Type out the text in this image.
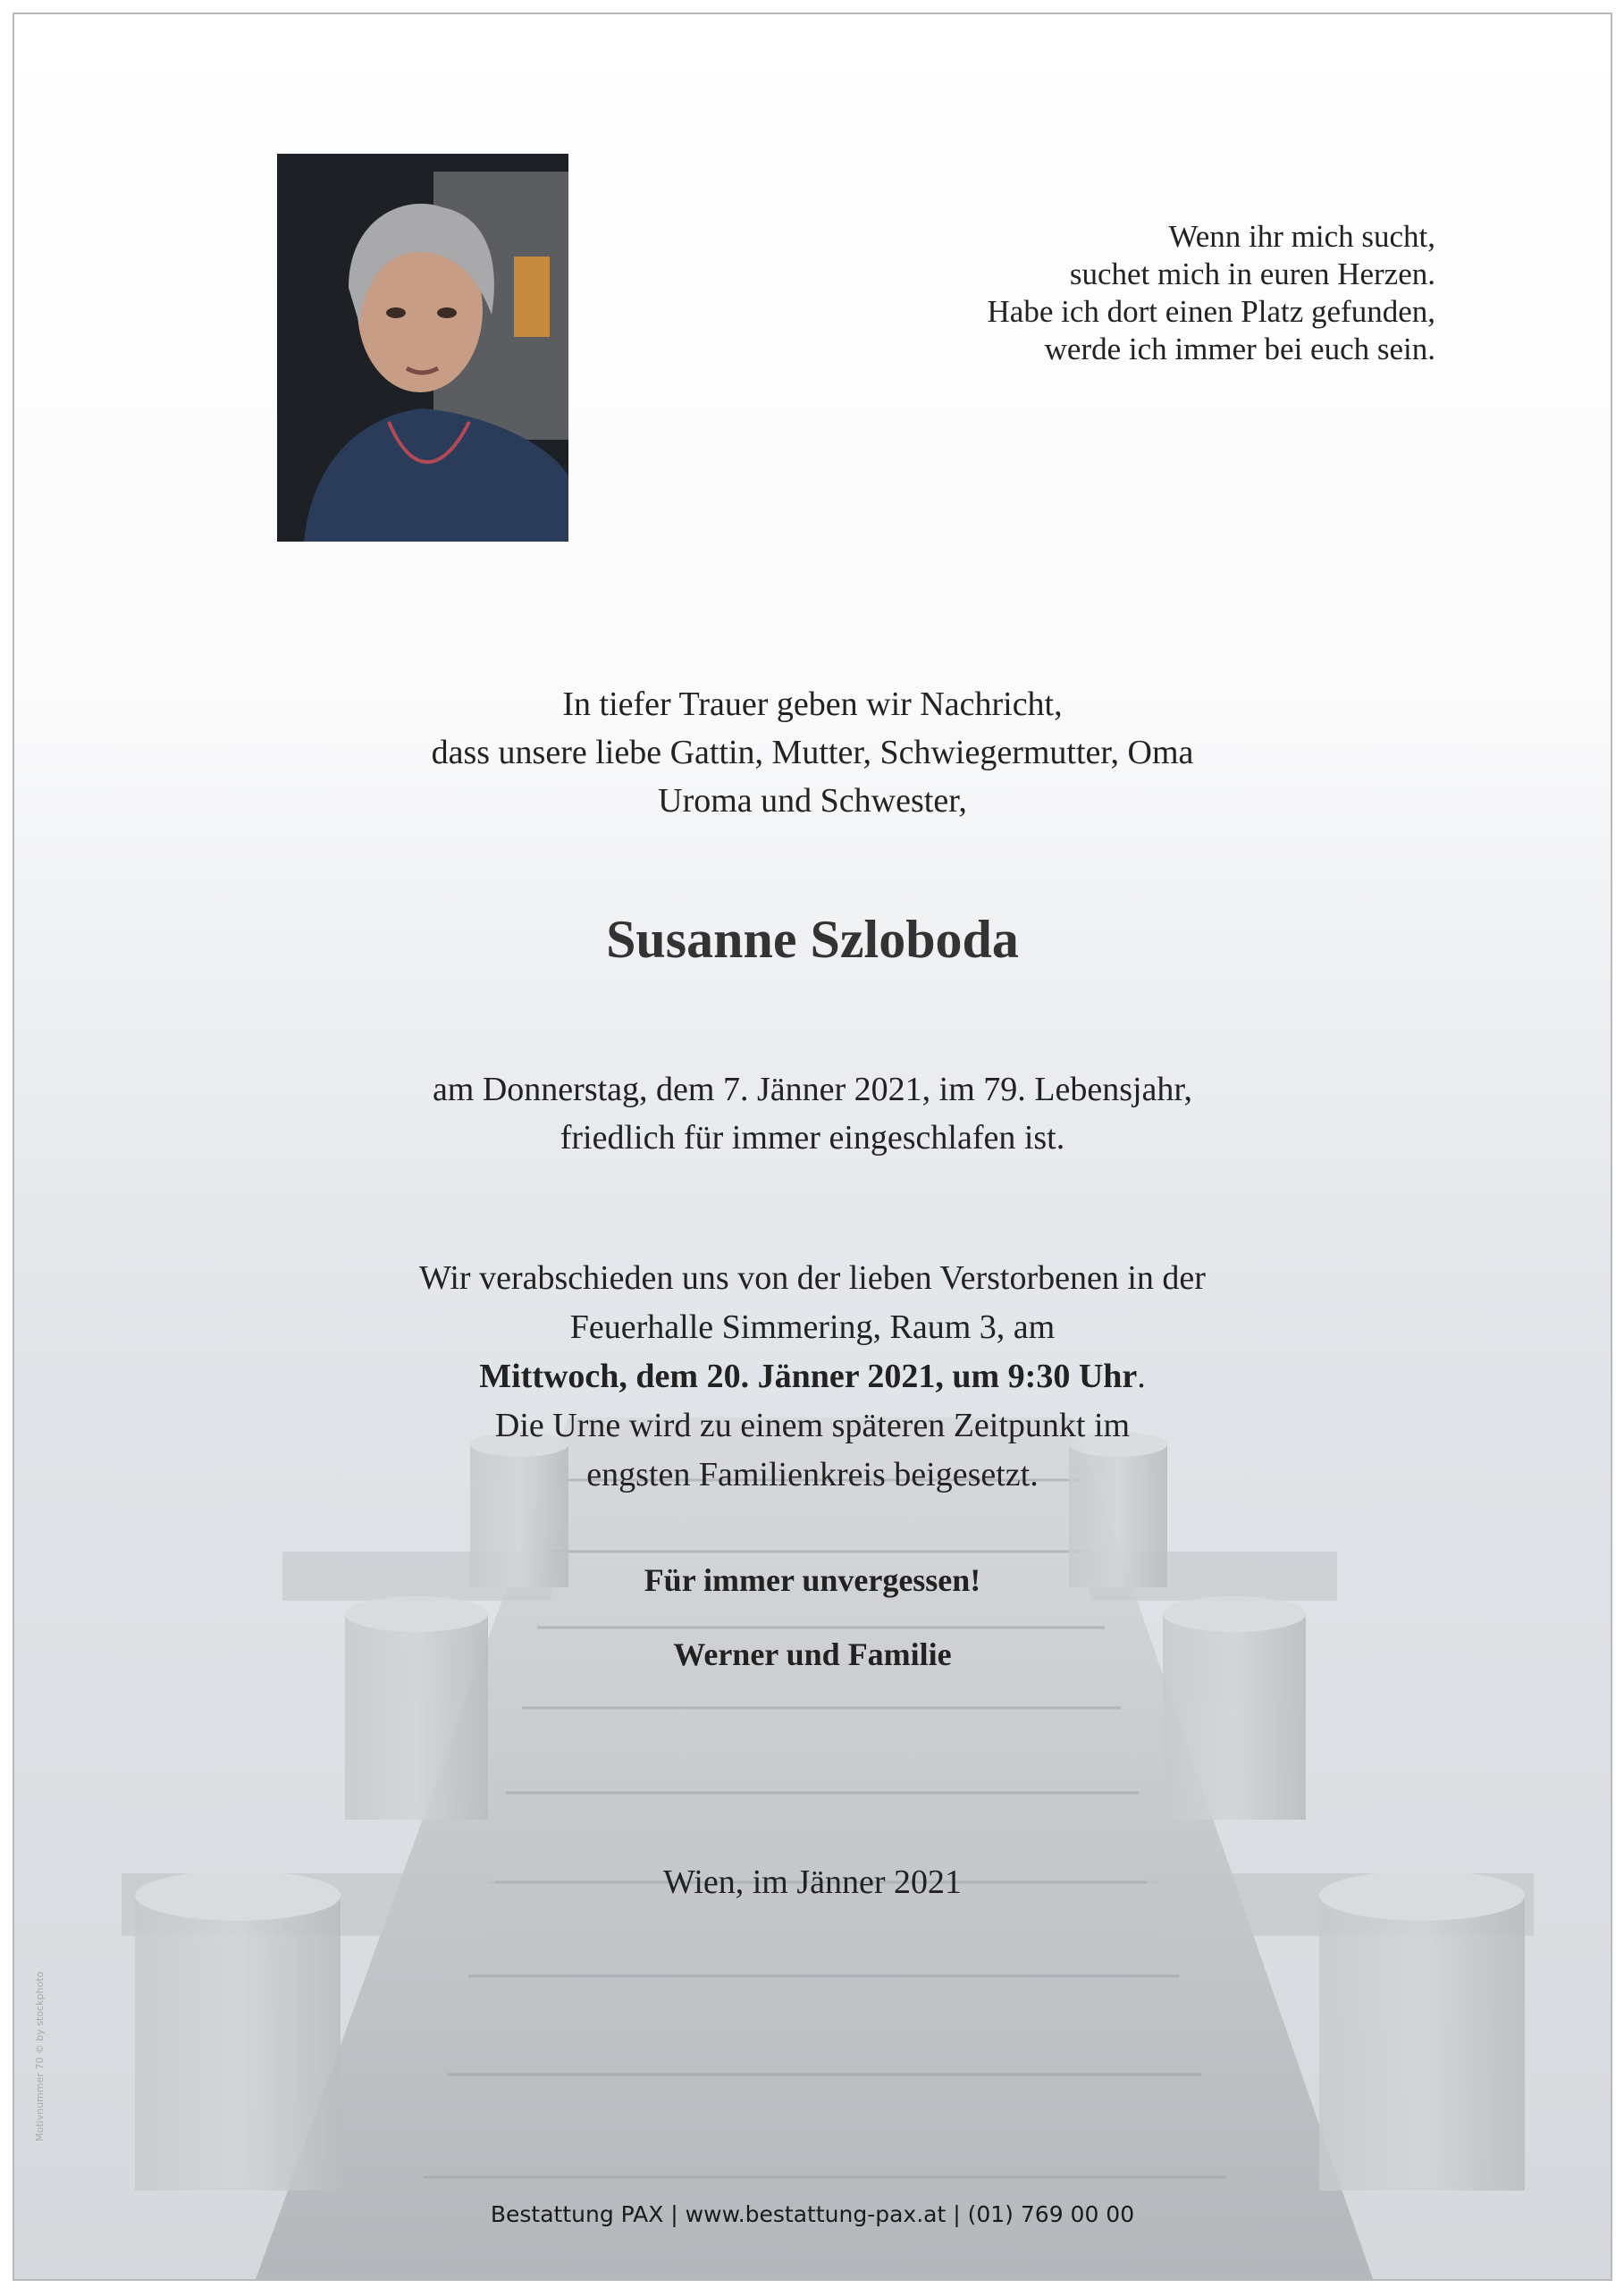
Wenn ihr mich sucht,
suchet mich in euren Herzen.
Habe ich dort einen Platz gefunden,
werde ich immer bei euch sein.
In tiefer Trauer geben wir Nachricht,
dass unsere liebe Gattin, Mutter, Schwiegermutter, Oma
Uroma und Schwester,
Susanne Szloboda
am Donnerstag, dem 7. Jänner 2021, im 79. Lebensjahr,
friedlich für immer eingeschlafen ist.
Wir verabschieden uns von der lieben Verstorbenen in der
Feuerhalle Simmering, Raum 3, am
Mittwoch, dem 20. Jänner 2021, um 9:30 Uhr.
Die Urne wird zu einem späteren Zeitpunkt im
engsten Familienkreis beigesetzt.
Für immer unvergessen!
Werner und Familie
Wien, im Jänner 2021
Bestattung PAX | www.bestattung-pax.at | (01) 769 00 00
Motivnummer 70 © by stockphoto
